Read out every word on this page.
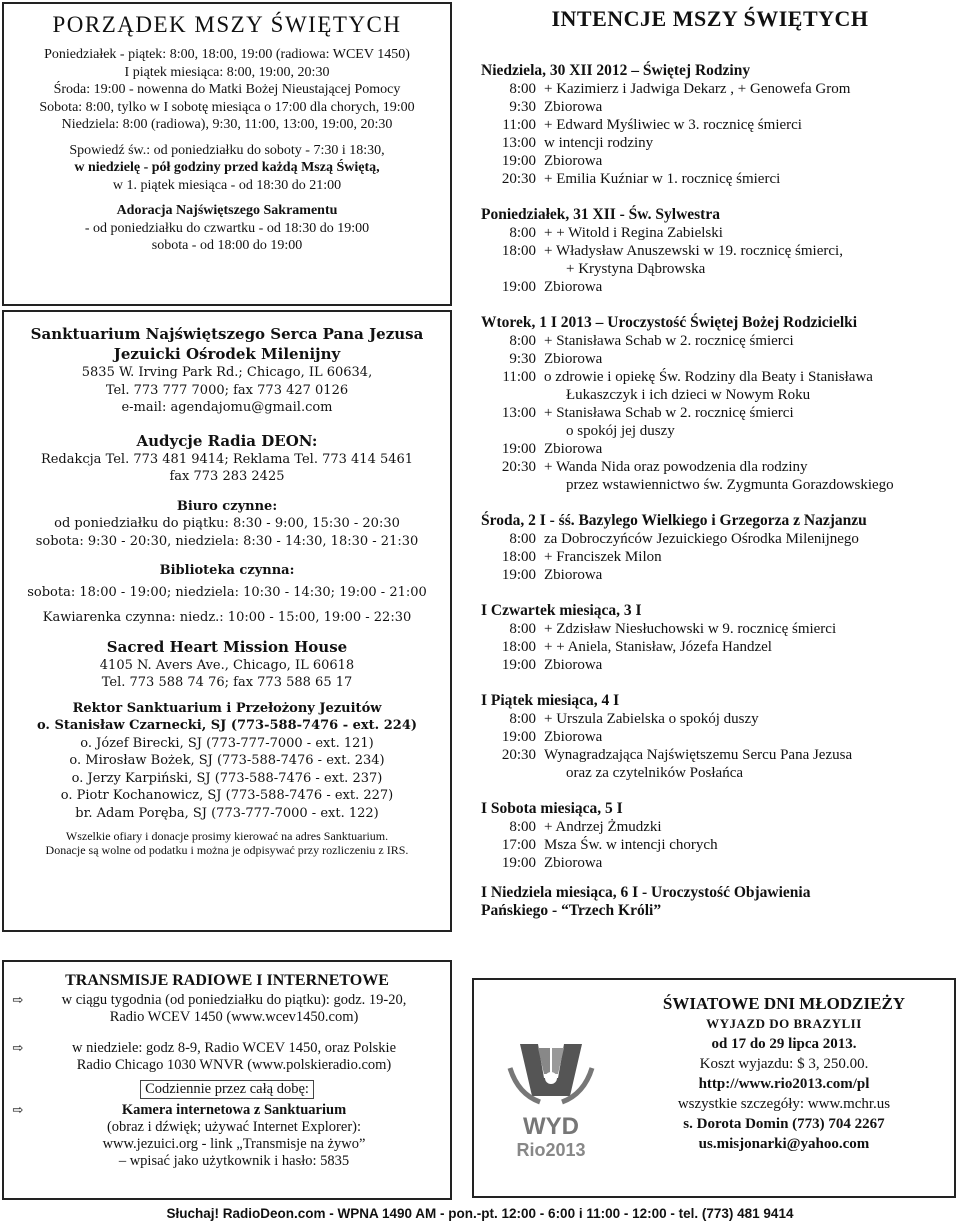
PORZĄDEK MSZY ŚWIĘTYCH
Poniedziałek - piątek: 8:00, 18:00, 19:00 (radiowa: WCEV 1450)
I piątek miesiąca: 8:00, 19:00, 20:30
Środa: 19:00 - nowenna do Matki Bożej Nieustającej Pomocy
Sobota: 8:00, tylko w I sobotę miesiąca o 17:00 dla chorych, 19:00
Niedziela: 8:00 (radiowa), 9:30, 11:00, 13:00, 19:00, 20:30
Spowiedź św.: od poniedziałku do soboty - 7:30 i 18:30,
w niedzielę - pół godziny przed każdą Mszą Świętą,
w 1. piątek miesiąca - od 18:30 do 21:00
Adoracja Najświętszego Sakramentu
- od poniedziałku do czwartku - od 18:30 do 19:00
sobota - od 18:00 do 19:00
Sanktuarium Najświętszego Serca Pana Jezusa
Jezuicki Ośrodek Milenijny
5835 W. Irving Park Rd.; Chicago, IL 60634,
Tel. 773 777 7000; fax 773 427 0126
e-mail: agendajomu@gmail.com
Audycje Radia DEON:
Redakcja Tel. 773 481 9414; Reklama Tel. 773 414 5461
fax 773 283 2425
Biuro czynne:
od poniedziałku do piątku: 8:30 - 9:00, 15:30 - 20:30
sobota: 9:30 - 20:30, niedziela: 8:30 - 14:30, 18:30 - 21:30
Biblioteka czynna:
sobota: 18:00 - 19:00; niedziela: 10:30 - 14:30; 19:00 - 21:00
Kawiarenka czynna: niedz.: 10:00 - 15:00, 19:00 - 22:30
Sacred Heart Mission House
4105 N. Avers Ave., Chicago, IL 60618
Tel. 773 588 74 76; fax 773 588 65 17
Rektor Sanktuarium i Przełożony Jezuitów
o. Stanisław Czarnecki, SJ (773-588-7476 - ext. 224)
o. Józef Birecki, SJ (773-777-7000 - ext. 121)
o. Mirosław Bożek, SJ (773-588-7476 - ext. 234)
o. Jerzy Karpiński, SJ (773-588-7476 - ext. 237)
o. Piotr Kochanowicz, SJ (773-588-7476 - ext. 227)
br. Adam Poręba, SJ (773-777-7000 - ext. 122)
Wszelkie ofiary i donacje prosimy kierować na adres Sanktuarium.
Donacje są wolne od podatku i można je odpisywać przy rozliczeniu z IRS.
INTENCJE MSZY ŚWIĘTYCH
Niedziela, 30 XII 2012 – Świętej Rodziny
8:00 + Kazimierz i Jadwiga Dekarz , + Genowefa Grom
9:30 Zbiorowa
11:00 + Edward Myśliwiec w 3. rocznicę śmierci
13:00 w intencji rodziny
19:00 Zbiorowa
20:30 + Emilia Kuźniar w 1. rocznicę śmierci
Poniedziałek, 31 XII - Św. Sylwestra
8:00 + + Witold i Regina Zabielski
18:00 + Władysław Anuszewski w 19. rocznicę śmierci,
+ Krystyna Dąbrowska
19:00 Zbiorowa
Wtorek, 1 I 2013 – Uroczystość Świętej Bożej Rodzicielki
8:00 + Stanisława Schab w 2. rocznicę śmierci
9:30 Zbiorowa
11:00 o zdrowie i opiekę Św. Rodziny dla Beaty i Stanisława
Łukaszczyk i ich dzieci w Nowym Roku
13:00 + Stanisława Schab w 2. rocznicę śmierci
o spokój jej duszy
19:00 Zbiorowa
20:30 + Wanda Nida oraz powodzenia dla rodziny
przez wstawiennictwo św. Zygmunta Gorazdowskiego
Środa, 2 I - śś. Bazylego Wielkiego i Grzegorza z Nazjanzu
8:00 za Dobroczyńców Jezuickiego Ośrodka Milenijnego
18:00 + Franciszek Milon
19:00 Zbiorowa
I Czwartek miesiąca, 3 I
8:00 + Zdzisław Niesłuchowski w 9. rocznicę śmierci
18:00 + + Aniela, Stanisław, Józefa Handzel
19:00 Zbiorowa
I Piątek miesiąca, 4 I
8:00 + Urszula Zabielska o spokój duszy
19:00 Zbiorowa
20:30 Wynagradzająca Najświętszemu Sercu Pana Jezusa
oraz za czytelników Posłańca
I Sobota miesiąca, 5 I
8:00 + Andrzej Żmudzki
17:00 Msza Św. w intencji chorych
19:00 Zbiorowa
I Niedziela miesiąca, 6 I - Uroczystość Objawienia
Pańskiego - “Trzech Króli”
TRANSMISJE RADIOWE I INTERNETOWE
⇨	w ciągu tygodnia (od poniedziałku do piątku): godz. 19-20,
Radio WCEV 1450 (www.wcev1450.com)
⇨	w niedziele: godz 8-9, Radio WCEV 1450, oraz Polskie
Radio Chicago 1030 WNVR (www.polskieradio.com)
Codziennie przez całą dobę:
⇨	Kamera internetowa z Sanktuarium
(obraz i dźwięk; używać Internet Explorer):
www.jezuici.org - link „Transmisje na żywo”
– wpisać jako użytkownik i hasło: 5835
WYD
Rio2013
ŚWIATOWE DNI MŁODZIEŻY
WYJAZD DO BRAZYLII
od 17 do 29 lipca 2013.
Koszt wyjazdu: $ 3, 250.00.
http://www.rio2013.com/pl
wszystkie szczegóły: www.mchr.us
s. Dorota Domin (773) 704 2267
us.misjonarki@yahoo.com
Słuchaj! RadioDeon.com - WPNA 1490 AM - pon.-pt. 12:00 - 6:00 i 11:00 - 12:00 - tel. (773) 481 9414
